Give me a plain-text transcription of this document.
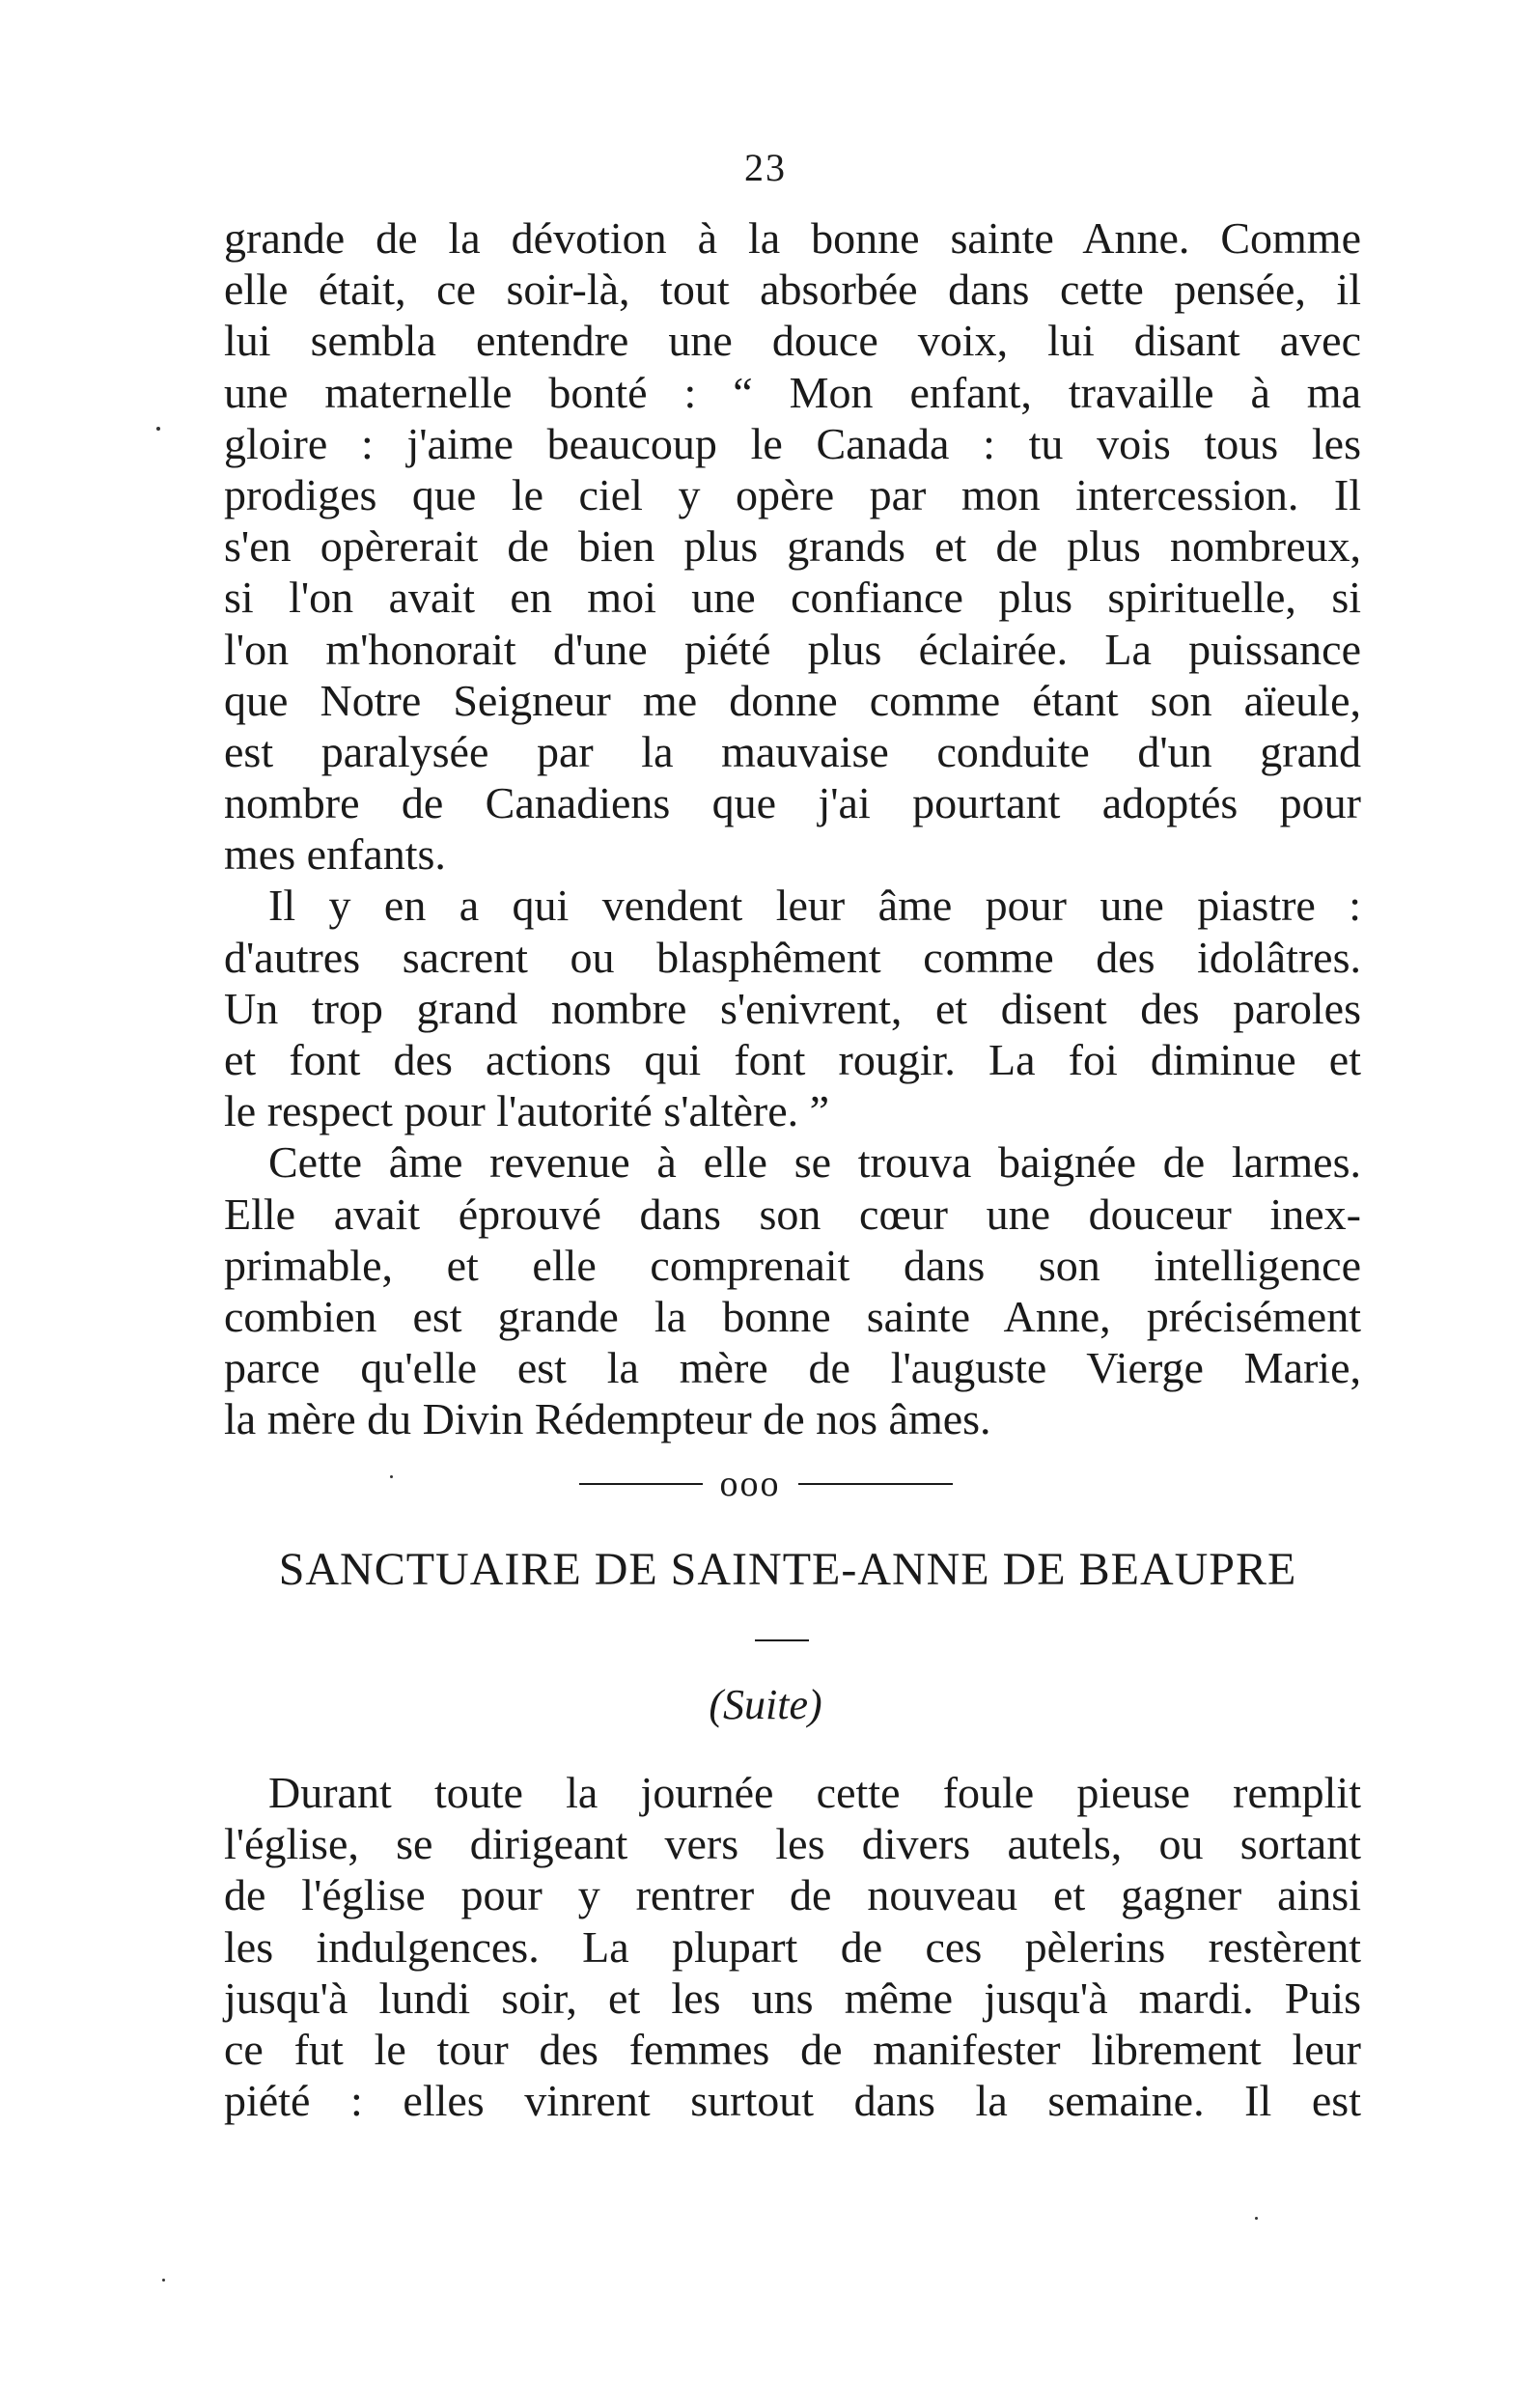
23
grande de la dévotion à la bonne sainte Anne. Comme
elle était, ce soir-là, tout absorbée dans cette pensée, il
lui sembla entendre une douce voix, lui disant avec
une maternelle bonté : “ Mon enfant, travaille à ma
gloire : j'aime beaucoup le Canada : tu vois tous les
prodiges que le ciel y opère par mon intercession. Il
s'en opèrerait de bien plus grands et de plus nombreux,
si l'on avait en moi une confiance plus spirituelle, si
l'on m'honorait d'une piété plus éclairée. La puissance
que Notre Seigneur me donne comme étant son aïeule,
est paralysée par la mauvaise conduite d'un grand
nombre de Canadiens que j'ai pourtant adoptés pour
mes enfants.
Il y en a qui vendent leur âme pour une piastre :
d'autres sacrent ou blasphêment comme des idolâtres.
Un trop grand nombre s'enivrent, et disent des paroles
et font des actions qui font rougir. La foi diminue et
le respect pour l'autorité s'altère. ”
Cette âme revenue à elle se trouva baignée de larmes.
Elle avait éprouvé dans son cœur une douceur inex-
primable, et elle comprenait dans son intelligence
combien est grande la bonne sainte Anne, précisément
parce qu'elle est la mère de l'auguste Vierge Marie,
la mère du Divin Rédempteur de nos âmes.
ooo
SANCTUAIRE DE SAINTE-ANNE DE BEAUPRE
(Suite)
Durant toute la journée cette foule pieuse remplit
l'église, se dirigeant vers les divers autels, ou sortant
de l'église pour y rentrer de nouveau et gagner ainsi
les indulgences. La plupart de ces pèlerins restèrent
jusqu'à lundi soir, et les uns même jusqu'à mardi. Puis
ce fut le tour des femmes de manifester librement leur
piété : elles vinrent surtout dans la semaine. Il est
